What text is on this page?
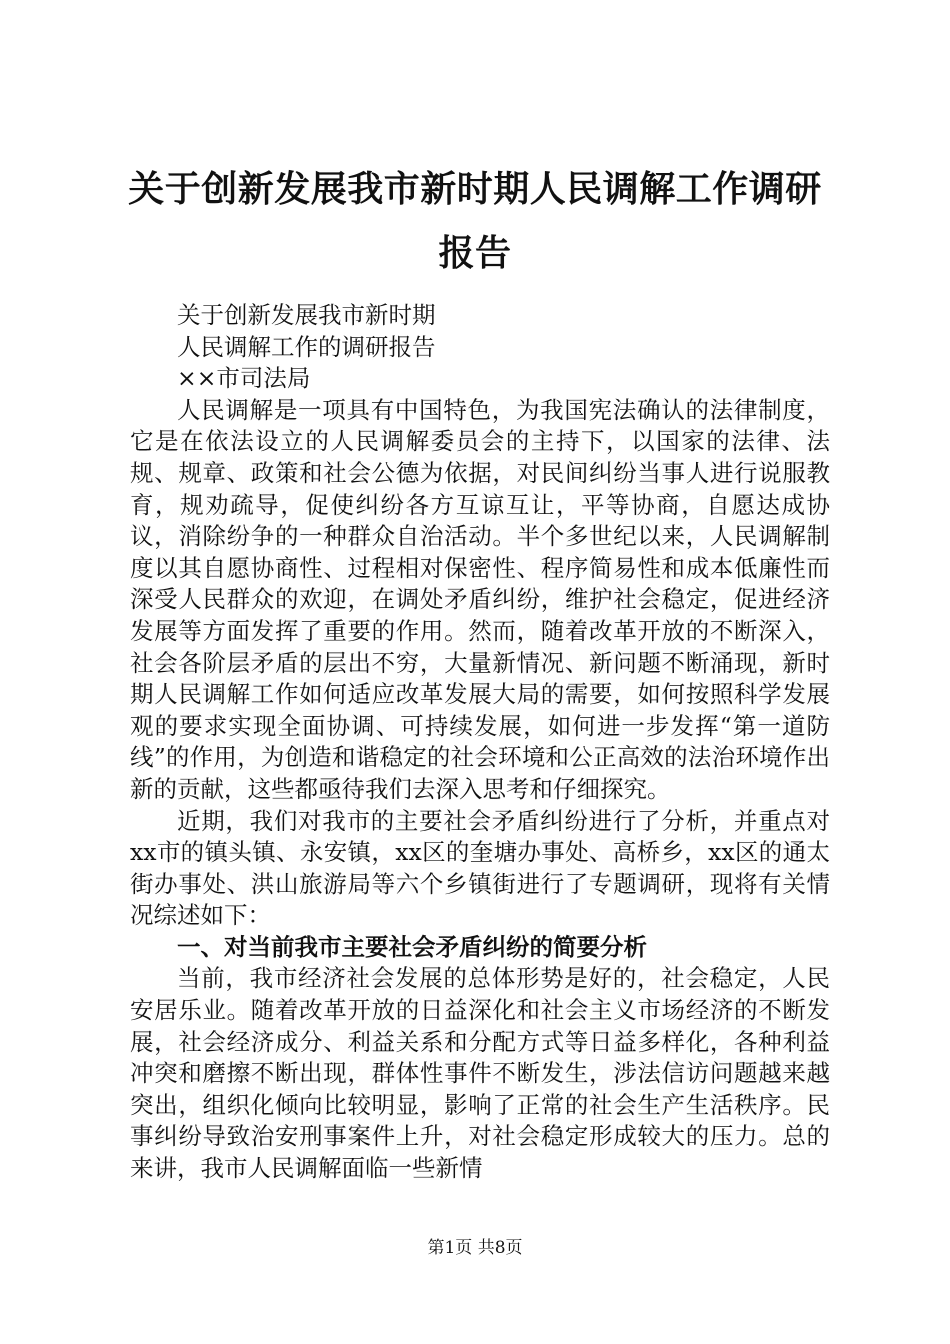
关于创新发展我市新时期人民调解工作调研报告

关于创新发展我市新时期

人民调解工作的调研报告

××市司法局

人民调解是一项具有中国特色，为我国宪法确认的法律制度，它是在依法设立的人民调解委员会的主持下，以国家的法律、法规、规章、政策和社会公德为依据，对民间纠纷当事人进行说服教育，规劝疏导，促使纠纷各方互谅互让，平等协商，自愿达成协议，消除纷争的一种群众自治活动。半个多世纪以来，人民调解制度以其自愿协商性、过程相对保密性、程序简易性和成本低廉性而深受人民群众的欢迎，在调处矛盾纠纷，维护社会稳定，促进经济发展等方面发挥了重要的作用。然而，随着改革开放的不断深入，社会各阶层矛盾的层出不穷，大量新情况、新问题不断涌现，新时期人民调解工作如何适应改革发展大局的需要，如何按照科学发展观的要求实现全面协调、可持续发展，如何进一步发挥“第一道防线”的作用，为创造和谐稳定的社会环境和公正高效的法治环境作出新的贡献，这些都亟待我们去深入思考和仔细探究。

近期，我们对我市的主要社会矛盾纠纷进行了分析，并重点对xx市的镇头镇、永安镇，xx区的奎塘办事处、高桥乡，xx区的通太街办事处、洪山旅游局等六个乡镇街进行了专题调研，现将有关情况综述如下：

一、对当前我市主要社会矛盾纠纷的简要分析

当前，我市经济社会发展的总体形势是好的，社会稳定，人民安居乐业。随着改革开放的日益深化和社会主义市场经济的不断发展，社会经济成分、利益关系和分配方式等日益多样化，各种利益冲突和磨擦不断出现，群体性事件不断发生，涉法信访问题越来越突出，组织化倾向比较明显，影响了正常的社会生产生活秩序。民事纠纷导致治安刑事案件上升，对社会稳定形成较大的压力。总的来讲，我市人民调解面临一些新情

第1页 共8页
